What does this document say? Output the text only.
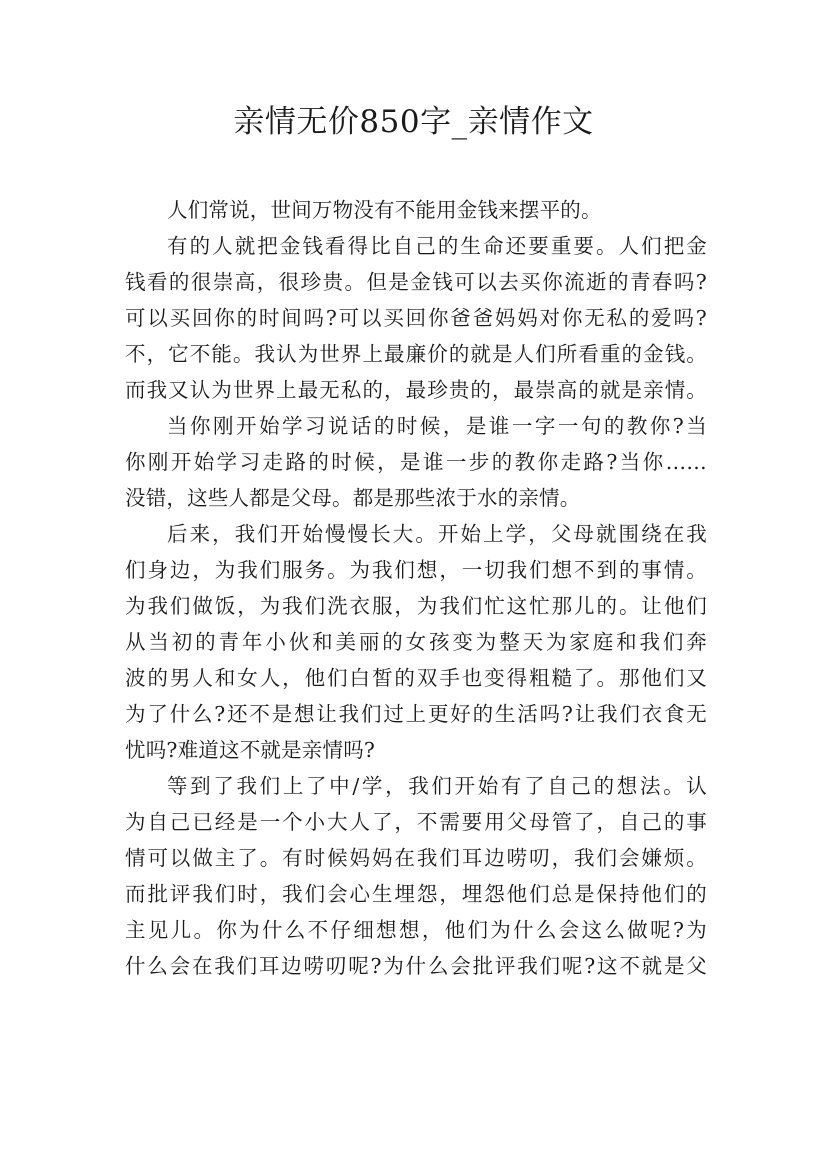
亲情无价850字_亲情作文
人们常说，世间万物没有不能用金钱来摆平的。
有的人就把金钱看得比自己的生命还要重要。人们把金
钱看的很崇高，很珍贵。但是金钱可以去买你流逝的青春吗?
可以买回你的时间吗?可以买回你爸爸妈妈对你无私的爱吗?
不，它不能。我认为世界上最廉价的就是人们所看重的金钱。
而我又认为世界上最无私的，最珍贵的，最崇高的就是亲情。
当你刚开始学习说话的时候，是谁一字一句的教你?当
你刚开始学习走路的时候，是谁一步的教你走路?当你……
没错，这些人都是父母。都是那些浓于水的亲情。
后来，我们开始慢慢长大。开始上学，父母就围绕在我
们身边，为我们服务。为我们想，一切我们想不到的事情。
为我们做饭，为我们洗衣服，为我们忙这忙那儿的。让他们
从当初的青年小伙和美丽的女孩变为整天为家庭和我们奔
波的男人和女人，他们白皙的双手也变得粗糙了。那他们又
为了什么?还不是想让我们过上更好的生活吗?让我们衣食无
忧吗?难道这不就是亲情吗?
等到了我们上了中/学，我们开始有了自己的想法。认
为自己已经是一个小大人了，不需要用父母管了，自己的事
情可以做主了。有时候妈妈在我们耳边唠叨，我们会嫌烦。
而批评我们时，我们会心生埋怨，埋怨他们总是保持他们的
主见儿。你为什么不仔细想想，他们为什么会这么做呢?为
什么会在我们耳边唠叨呢?为什么会批评我们呢?这不就是父
